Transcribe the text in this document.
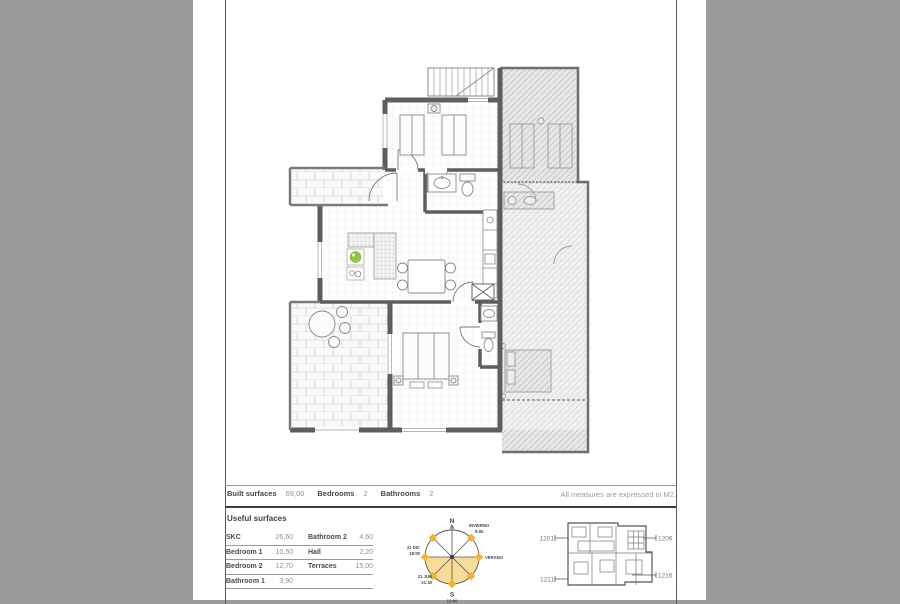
Built surfaces 69,00 Bedrooms 2 Bathrooms 2	All measures are expressed in M2.
Useful surfaces
SKC	26,60 Bathroom 2	4,60
Bedroom 1	10,50 Hall	2,20
Bedroom 2	12,70 Terraces	15,00
Bathroom 1	3,90
N
S
INVIERNO
9:00
VERANO
21 DIC
18:00
21 JUN
21:30
12:00
1201	1206
1211
1216
